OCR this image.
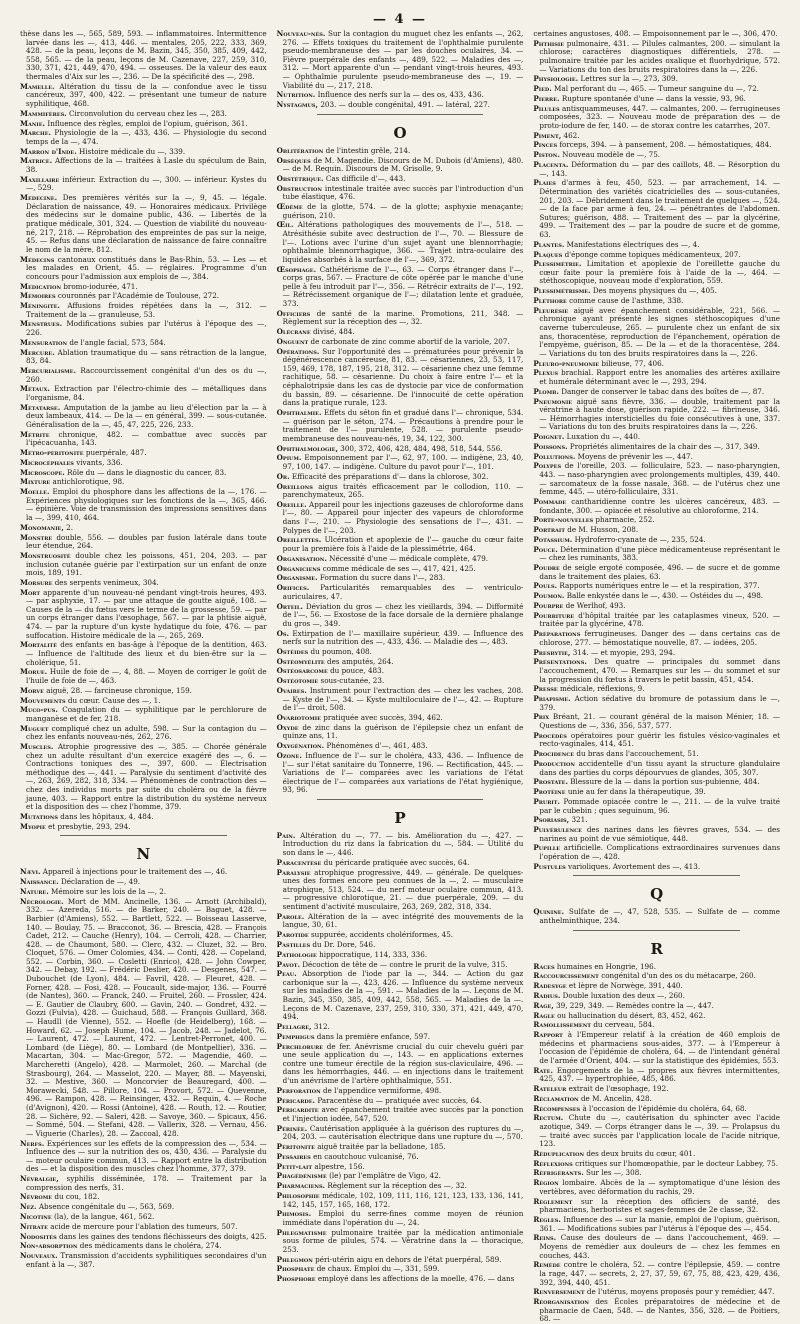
— 4 —

thèse dans les —, 565, 589, 593. — inflammatoires. Intermittence larvée dans les —, 413, 446. — mentales, 205, 222, 333, 369, 428. — de la peau, leçons de M. Bazin, 345, 350, 385, 409, 442, 558, 565. — de la peau, leçons de M. Cazenave, 227, 259, 310, 330, 371, 421, 449, 470, 494. — osseuses. De la valeur des eaux thermales d'Aix sur les —, 236. — De la spécificité des —, 298.

Mamelle. Altération du tissu de la — confondue avec le tissu cancéreux, 397, 400, 422. — présentant une tumeur de nature syphilitique, 468.

Mammifères. Circonvolution du cerveau chez les —, 283.

Manie. Influence des règles, emploi de l'opium, guérison, 361.

Marche. Physiologie de la —, 433, 436. — Physiologie du second temps de la —, 474.

Marron d'Inde. Histoire médicale du —, 339.

Matrice. Affections de la — traitées à Lasle du spéculum de Bain, 38.

Maxillaire inférieur. Extraction du —, 300. — inférieur. Kystes du —, 529.

Médecine. Des premières vérités sur la —, 9, 45. — légale. Déclaration de naissance, 49. — Honoraires médicaux. Privilège des médecins sur le domaine public, 436. — Libertés de la pratique médicale, 301, 324. — Question de viabilité du nouveau-né, 217, 218. — Réprobation des empreintes de pas sur la neige, 45. — Refus dans une déclaration de naissance de faire connaître le nom de la mère, 812.

Médecins cantonaux constitués dans le Bas-Rhin, 53. — Les — et les malades en Orient, 45. — réglaires. Programme d'un concours pour l'admission aux emplois de —, 384.

Médication bromo-iodurée, 471.

Mémoires couronnés par l'Académie de Toulouse, 272.

Méningite. Affusions froides répétées dans la —, 312. — Traitement de la — granuleuse, 53.

Menstrues. Modifications subies par l'utérus à l'époque des —, 226.

Mensuration de l'angle facial, 573, 584.

Mercure. Ablation traumatique du — sans rétraction de la langue, 83, 84.

Mercurialisme. Raccourcissement congénital d'un des os du —, 260.

Métaux. Extraction par l'électro-chimie des — métalliques dans l'organisme, 84.

Métatarse. Amputation de la jambe au lieu d'élection par la — à deux lambeaux, 414. — De la — en général, 399. — sous-cutanée. Généralisation de la —, 45, 47, 225, 226, 233.

Métrite chronique, 482. — combattue avec succès par l'ipécacuanha, 143.

Métro-péritonite puerpérale, 487.

Microcéphales vivants, 336.

Microscope. Rôle du — dans le diagnostic du cancer, 83.

Mixture antichlorotique, 98.

Moelle. Emploi du phosphore dans les affections de la —, 176. — Expériences physiologiques sur les fonctions de la —, 365, 466. — épinière. Voie de transmission des impressions sensitives dans la —, 399, 410, 464.

Monomanie, 2.

Monstre double, 556. — doubles par fusion latérale dans toute leur étendue, 264.

Monstruosité double chez les poissons, 451, 204, 203. — par inclusion cutanée guérie par l'extirpation sur un enfant de onze mois, 189, 191.

Morsure des serpents venimeux, 304.

Mort apparente d'un nouveau-né pendant vingt-trois heures, 493. — par asphyxie, 17. — par une attaque de goutte aiguë, 108. — Causes de la — du fœtus vers le terme de la grossesse, 59. — par un corps étranger dans l'œsophage, 567. — par la phtisie aiguë, 474. — par la rupture d'un kyste hydatique du foie, 476. — par suffocation. Histoire médicale de la —, 265, 269.

Mortalité des enfants en bas-âge à l'époque de la dentition, 463. — Influence de l'altitude des lieux et du bien-être sur la — cholérique, 51.

Morue. Huile de foie de —, 4, 88. — Moyen de corriger le goût de l'huile de foie de —, 463.

Morve aiguë, 28. — farcineuse chronique, 159.

Mouvements du cœur. Cause des —, 1.

Muco-pus. Coagulation du — syphilitique par le perchlorure de manganèse et de fer, 218.

Muguet compliqué chez un adulte, 598. — Sur la contagion du — chez les enfants nouveau-nés, 262, 276.

Muscles. Atrophie progressive des —, 385. — Chorée générale chez un adulte résultant d'un exercice exagéré des —, 6. — Contractions toniques des —, 397, 600. — Électrisation méthodique des —, 441. — Paralysie du sentiment d'activité des —, 263, 269, 282, 318, 334. — Phénomènes de contraction des — chez des individus morts par suite du choléra ou de la fièvre jaune, 403. — Rapport entre la distribution du système nerveux et la disposition des — chez l'homme, 379.

Mutations dans les hôpitaux, 4, 484.

Myopie et presbytie, 293, 294.

N

Nævi. Appareil à injections pour le traitement des —, 46.

Naissance. Déclaration de —, 49.

Nature. Mémoire sur les lois de la —, 2.

Nécrologie. Mort de MM. Ancinelle, 136. — Arnott (Archibald), 332. — Azereda, 516. — de Barker, 240. — Baguet, 428. — Barbier (d'Amiens), 552. — Bartlett, 522. — Boisseau Lasserve, 140. — Boulay, 75. — Bracconot, 36. — Brescia, 428. — François Cadet, 212. — Cauche (Henry), 104. — Cerroli, 428. — Charrier, 428. — de Chaumont, 580. — Clerc, 432. — Cluzet, 32. — Bro. Cloquet, 576. — Omer Colomies, 434. — Conti, 428. — Copeland, 552. — Corbin, 360. — Cosletti (Enrico), 428. — John Cowper, 342. — Debay, 192. — Frédéric Deslier, 420. — Desgenes, 547. — Dubouchet (de Lyon), 484. — Favril, 428. — Fleuret, 428. — Forner, 428. — Fosi, 428. — Foucault, side-major, 136. — Fourré (de Nantes), 360. — Franck, 240. — Fruitel, 260. — Frossler, 424. — E. Gautier de Claubry, 600. — Gavin, 240. — Gondret, 432. — Gozzi (Fulvia), 428. — Guichaud, 588. — François Guillard, 368. — Haudll (de Vienne), 552. — Hoefle (de Heidelberg), 168. — Howard, 62. — Joseph Hume, 104. — Jacob, 248. — Jadelot, 76. — Laurent, 472. — Laurent, 472. — Lentret-Perronet, 400. — Lombard (de Liège), 80. — Lombard (de Montpellier), 336. — Macartan, 304. — Mac-Gregor, 572. — Magendie, 460. — Marcheretti (Angelo), 428. — Marmolet, 260. — Marchal (de Strasbourg), 264. — Masselot, 220. — Mayer, 88. — Mayenski, 32. — Mestive, 360. — Moncorvier de Beauregard, 400. — Morawecki, 548. — Pillore, 104. — Provort, 572. — Quevenne, 496. — Rampon, 428. — Reinsinger, 432. — Requin, 4. — Roche (d'Avignon), 420. — Rossi (Antoine), 428. — Routh, 12. — Routier, 28. — Sichère, 92. — Saleri, 428. — Savoye, 360. — Spicaux, 456. — Sommé, 504. — Stefani, 428. — Vallerix, 328. — Vernau, 456. — Viguerie (Charles), 28. — Zaccoal, 428.

Nerfs. Expériences sur les effets de la compression des —, 534. — Influence des — sur la nutrition des os, 430, 436. — Paralysie du — moteur oculaire commun, 413. — Rapport entre la distribution des — et la disposition des muscles chez l'homme, 377, 379.

Névralgie, syphilis disséminée, 178. — Traitement par la compression des nerfs, 31.

Névrome du cou, 182.

Nez. Absence congénitale du —, 563, 569.

Nicotine (la), de la langue, 461, 562.

Nitrate acide de mercure pour l'ablation des tumeurs, 507.

Nodosités dans les gaines des tendons fléchisseurs des doigts, 425.

Non-absorption des médicaments dans le choléra, 274.

Nouveaux. Transmission d'accidents syphilitiques secondaires d'un enfant à la —, 387.

Nouveau-nés. Sur la contagion du muguet chez les enfants —, 262, 276. — Effets toxiques du traitement de l'ophthalmie purulente pseudo-membraneuse des — par les douches oculaires, 34. — Fièvre puerpérale des enfants —, 489, 522. — Maladies des —, 312. — Mort apparente d'un — pendant vingt-trois heures, 493. — Ophthalmie purulente pseudo-membraneuse des —, 19. — Viabilité du —, 217, 218.

Nutrition. Influence des nerfs sur la — des os, 433, 436.

Nystagmus, 203. — double congénital, 491. — latéral, 227.

O

Oblitération de l'intestin grêle, 214.

Obsèques de M. Magendie. Discours de M. Dubois (d'Amiens), 480. — de M. Requin. Discours de M. Grisolle, 9.

Obstétrique. Cas difficile d'—, 443.

Obstruction intestinale traitée avec succès par l'introduction d'un tube élastique, 476.

Œdème de la glotte, 574. — de la glotte; asphyxie menaçante; guérison, 210.

Œil. Altérations pathologiques des mouvements de l'—, 518. — Atrésithésie subite avec destruction de l'—, 70. — Blessure de l'—. Lotions avec l'urine d'un sujet ayant une blennorrhagie; ophthalmie blennorrhagique, 366. — Trajet intra-oculaire des liquides absorbés à la surface de l'—, 369, 372.

Œsophage. Cathétérisme de l'—, 63. — Corps étranger dans l'—, corps gras, 567. — Fracture de côte opérée par le manche d'une pelle à feu introduit par l'—, 356. — Rétrécir extraits de l'—, 192. — Rétrécissement organique de l'—; dilatation lente et graduée, 373.

Officiers de santé de la marine. Promotions, 211, 348. — Règlement sur la réception des —, 32.

Olécrane divisé, 484.

Onguent de carbonate de zinc comme abortif de la variole, 207.

Opérations. Sur l'opportunité des — prématurées pour prévenir la dégénérescence cancéreuse, 81, 83. — césariennes, 23, 53, 117, 159, 469, 178, 187, 195, 218, 312. — césarienne chez une femme rachitique, 58. — césarienne. Du choix à faire entre l'— et la céphalotripsie dans les cas de dystocie par vice de conformation du bassin, 89. — césarienne. De l'innocuité de cette opération dans la pratique rurale, 123.

Ophthalmie. Effets du séton fin et gradué dans l'— chronique, 534. — guérison par le séton, 274. — Précautions à prendre pour le traitement de l'— purulente, 528. — purulente pseudo-membraneuse des nouveau-nés, 19, 34, 122, 300.

Ophthalmologie, 300, 372, 406, 428, 484, 498, 518, 544, 556.

Opium. Empoisonnement par l'—, 62, 97, 100. — indigène, 23, 40, 97, 100, 147. — indigène. Culture du pavot pour l'—, 101.

Or. Efficacité des préparations d'— dans la chlorose, 302.

Oreillons aigus traités efficacement par le collodion, 110. — parenchymateux, 265.

Oreille. Appareil pour les injections gazeuses de chloroforme dans l'—, 80. — Appareil pour injecter des vapeurs de chloroforme dans l'—, 210. — Physiologie des sensations de l'—, 431. — Polypes de l'—, 203.

Oreillettes. Ulcération et apoplexie de l'— gauche du cœur faite pour la première fois à l'aide de la plessimétrie, 464.

Organisation. Nécessité d'une — médicale complète, 479.

Organiciens comme médicale de ses —, 417, 421, 425.

Organisme. Formation du sucre dans l'—, 283.

Orifices. Particularités remarquables des — ventriculo-auriculaires, 47.

Orteil. Déviation du gros — chez les vieillards, 394. — Difformité de l'—, 56. — Exostose de la face dorsale de la dernière phalange du gros —, 349.

Os. Extirpation de l'— maxillaire supérieur, 439. — Influence des nerfs sur la nutrition des —, 433, 436. — Maladie des —, 483.

Ostéides du poumon, 408.

Ostéomyélite des amputés, 264.

Ostéosarcome du pouce, 483.

Ostéotomie sous-cutanée, 23.

Ovaires. Instrument pour l'extraction des — chez les vaches, 208. — Kyste de l'—, 34. — Kyste multiloculaire de l'—, 42. — Rupture de l'— droit, 508.

Ovariotomie pratiquée avec succès, 394, 462.

Oxyde de zinc dans la guérison de l'épilepsie chez un enfant de quinze ans, 11.

Oxygénation. Phénomènes d'—, 461, 483.

Ozone. Influence de l'— sur le choléra, 433, 436. — Influence de l'— sur l'état sanitaire du Tonnerre, 196. — Rectification, 445. — Variations de l'— comparées avec les variations de l'état électrique de l'— comparées aux variations de l'état hygiénique, 93, 96.

P

Pain. Altération du —, 77. — bis. Amélioration du —, 427. — Introduction du riz dans la fabrication du —, 584. — Utilité du son dans le —, 446.

Paracentèse du péricarde pratiquée avec succès, 64.

Paralysie atrophique progressive, 449. — générale. De quelques-unes des formes encore peu connues de la —, 2. — musculaire atrophique, 513, 524. — du nerf moteur oculaire commun, 413. — progressive chlorotique, 21. — due puerpérale, 209. — du sentiment d'activité musculaire, 263, 269, 282, 318, 334.

Parole. Altération de la — avec intégrité des mouvements de la langue, 30, 61.

Parotide suppurée, accidents cholériformes, 45.

Pastilles du Dr. Dore, 546.

Pathologie hippocratique, 114, 333, 336.

Pavot. Décoction de tête de — contre le prurit de la vulve, 315.

Peau. Absorption de l'iode par la —, 344. — Action du gaz carbonique sur la —, 423, 426. — Influence du système nerveux sur les maladies de la —, 591. — Maladies de la —. Leçons de M. Bazin, 345, 350, 385, 409, 442, 558, 565. — Maladies de la —. Leçons de M. Cazenave, 237, 259, 310, 330, 371, 421, 449, 470, 494.

Pellagre, 312.

Pemphigus dans la première enfance, 597.

Perchlorure de fer. Anévrisme crucial du cuir chevelu guéri par une seule application du —, 143. — en applications externes contre une tumeur érectile de la région sus-claviculaire, 496. — dans les hémorrhagies, 446. — en injections dans le traitement d'un anévrisme de l'artère ophthalmique, 551.

Perforation de l'appendice vermiforme, 498.

Péricarde. Paracentèse du — pratiquée avec succès, 64.

Péricardite avec épanchement traitée avec succès par la ponction et l'injection iodée, 547, 520.

Périnée. Cautérisation appliquée à la guérison des ruptures du —, 204, 203. — cautérisation électrique dans une rupture du —, 570.

Péritonite aiguë traitée par la belladone, 185.

Pessaires en caoutchouc vulcanisé, 76.

Petit-lait alpestre, 156.

Phagédénisme (le) par l'emplâtre de Vigo, 42.

Pharmaciens. Règlement sur la réception des —, 32.

Philosophie médicale, 102, 109, 111, 116, 121, 123, 133, 136, 141, 142, 145, 157, 165, 168, 172.

Phimosis. Emploi du serre-fines comme moyen de réunion immédiate dans l'opération du —, 24.

Phlegmatisme pulmonaire traitée par la médication antimoniale sous forme de pilules, 574. — Vératrine dans la — thoracique, 253.

Phlegmon péri-utérin aigu en dehors de l'état puerpéral, 589.

Phosphate de chaux. Emploi du —, 331, 599.

Phosphore employé dans les affections de la moelle, 476. — dans

certaines angustoses, 408. — Empoisonnement par le —, 306, 470.

Phthisie pulmonaire, 431. — Pilules calmantes, 200. — simulant la chlorose; caractères diagnostiques différentiels, 278. — pulmonaire traitée par les acides oxalique et fluorhydrique, 572. — Variations du ton des bruits respiratoires dans la —, 226.

Physiologie. Lettres sur la —, 273, 309.

Pied. Mal perforant du —, 465. — Tumeur sanguine du —, 72.

Pierre. Rupture spontanée d'une — dans la vessie, 93, 96.

Pilules antisquammeuses, 447. — calmantes, 200. — ferrugineuses composées, 323. — Nouveau mode de préparation des — de proto-iodure de fer, 140. — de storax contre les catarrhes, 207.

Piment, 462.

Pinces forceps, 394. — à pansement, 208. — hémostatiques, 484.

Piston. Nouveau modèle de —, 75.

Placenta. Déformation du — par des caillots, 48. — Résorption du —, 143.

Plaies d'armes à feu, 450, 523. — par arrachement, 14. — Détermination des variétés cicatricielles des — sous-cutanées, 201, 203. — Débridement dans le traitement de quelques —, 524. — de la face par arme à feu, 24. — pénétrantes de l'abdomen. Sutures; guérison, 488. — Traitement des — par la glycérine, 499. — Traitement des — par la poudre de sucre et de gomme, 63.

Plantes. Manifestations électriques des —, 4.

Plaques d'éponge comme topiques médicamenteux, 207.

Plessimétrie. Limitation et apoplexie de l'oreillette gauche du cœur faite pour la première fois à l'aide de la —, 464. — stéthoscopique, nouveau mode d'exploration, 559.

Plessimétrisme. Des moyens physiques du —, 405.

Pléthore comme cause de l'asthme, 338.

Pleurésie aiguë avec épanchement considérable, 221, 566. — chronique ayant présenté les signes stéthoscopiques d'une caverne tuberculeuse, 265. — purulente chez un enfant de six ans, thoracentèse, reproduction de l'épanchement, opération de l'empyème, guérison, 85. — De la — et de la thoracentèse, 284. — Variations du ton des bruits respiratoires dans la —, 226.

Pleuro-pneumonie bilieuse, 77, 406.

Plexus brachial. Rapport entre les anomalies des artères axillaire et humérale déterminant avec le —, 293, 294.

Plomb. Danger de conserver le tabac dans des boîtes de —, 87.

Pneumonie aiguë sans fièvre, 336. — double, traitement par la vératrine à haute dose, guérison rapide, 222. — fibrineuse, 346. — Hémorrhagies intersticielles du foie consécutives à une, 337. — Variations du ton des bruits respiratoires dans la —, 226.

Poignet. Luxation du —, 440.

Poissons. Propriétés alimentaires de la chair des —, 317, 349.

Pollutions. Moyens de prévenir les —, 447.

Polypes de l'oreille, 203. — folliculaire, 523. — naso-pharyngien, 443. — naso-pharyngien avec prolongements multiples, 439, 440. — sarcomateux de la fosse nasale, 368. — de l'utérus chez une femme, 445. — utéro-folliculaire, 331.

Pommade cantharidienne contre les ulcères cancéreux, 483. — fondante, 300. — opiacée et résolutive au chloroforme, 214.

Porte-nouvelles pharmacie, 252.

Portrait de M. Husson, 208.

Potassium. Hydroferro-cyanate de —, 235, 524.

Pouce. Détermination d'une pièce médicamenteuse représentant le — chez les ruminants, 383.

Poudre de seigle ergoté composée, 496. — de sucre et de gomme dans le traitement des plaies, 63.

Pouls. Rapports numériques entre le — et la respiration, 377.

Poumon. Balle enkystée dans le —, 430. — Ostéides du —, 498.

Pourpre de Werlhof, 493.

Pourriture d'hôpital traitée par les cataplasmes vineux, 520. — traitée par la glycérine, 478.

Préparations ferrugineuses. Danger des — dans certains cas de chlorose, 277. — hémostatique nouvelle, 87. — iodées, 205.

Presbytie, 314. — et myopie, 293, 294.

Présentations. Des quatre — principales du sommet dans l'accouchement, 470. — Remarques sur les — du sommet et sur la progression du fœtus à travers le petit bassin, 451, 454.

Presse médicale, réflexions, 9.

Priapisme. Action sédative du bromure de potassium dans le —, 379.

Prix Bréant, 21. — courant général de la maison Ménier, 18. — Questions de —, 336, 356, 537, 577.

Procédés opératoires pour guérir les fistules vésico-vaginales et recto-vaginales, 414, 451.

Procidence du bras dans l'accouchement, 51.

Production accidentelle d'un tissu ayant la structure glandulaire dans des parties du corps dépourvues de glandes, 305, 307.

Prostate. Blessure de la — dans la portion sus-pubienne, 484.

Protéine unie au fer dans la thérapeutique, 39.

Prurit. Pommade opiacée contre le —, 211. — de la vulve traité par le cubebin ; ques seguinum, 96.

Psoriasis, 321.

Pulvérulence des narines dans les fièvres graves, 534. — des narines au point de vue sémiotique, 448.

Pupille artificielle. Complications extraordinaires survenues dans l'opération de —, 428.

Pustules varioliques. Avortement des —, 413.

Q

Quinine. Sulfate de —, 47, 528, 535. — Sulfate de — comme anthelminthique, 234.

R

Races humaines en Hongrie, 196.

Raccourcissement congénital d'un des os du métacarpe, 260.

Radesyge et lèpre de Norwège, 391, 440.

Radius. Double luxation des deux —, 260.

Rage, 39, 229, 349. — Remèdes contre la —, 447.

Ragle ou hallucination du désert, 83, 452, 462.

Ramollissement du cerveau, 584.

Rapport à l'Empereur relatif à la création de 460 emplois de médecins et pharmaciens sous-aides, 377. — à l'Empereur à l'occasion de l'épidémie de choléra, 64. — de l'intendant général de l'armée d'Orient, 404. — sur la statistique des épidémies, 553.

Rate. Engorgements de la — propres aux fièvres intermittentes, 425, 437. — hypertrophiée, 485, 486.

Rateleur extrait de l'œsophage, 192.

Réclamation de M. Ancelin, 428.

Récompenses à l'occasion de l'épidémie du choléra, 64, 68.

Rectum. Chute du —, cautérisation du sphincter avec l'acide azotique, 349. — Corps étranger dans le —, 39. — Prolapsus du — traité avec succès par l'application locale de l'acide nitrique, 123.

Réduplication des deux bruits du cœur, 401.

Réflexions critiques sur l'homœopathie, par le docteur Labbey, 75.

Réfrigérants. Sur les —, 308.

Région lombaire. Abcès de la — symptomatique d'une lésion des vertèbres, avec déformation du rachis, 29.

Règlement sur la réception des officiers de santé, des pharmaciens, herboristes et sages-femmes de 2e classe, 32.

Règles. Influence des — sur la manie, emploi de l'opium, guérison, 361. — Modifications subies par l'utérus à l'époque des —, 454.

Reins. Cause des douleurs de — dans l'accouchement, 469. — Moyens de remédier aux douleurs de — chez les femmes en couches, 443.

Remède contre le choléra, 52. — contre l'épilepsie, 459. — contre la rage, 447. — secrets, 2, 27, 37, 59, 67, 75, 88, 423, 429, 436, 392, 394, 440, 451.

Renversement de l'utérus, moyens proposés pour y remédier, 447.

Réorganisation des Écoles préparatoires de médecine et de pharmacie de Caen, 548. — de Nantes, 356, 328. — de Poitiers, 68. —
